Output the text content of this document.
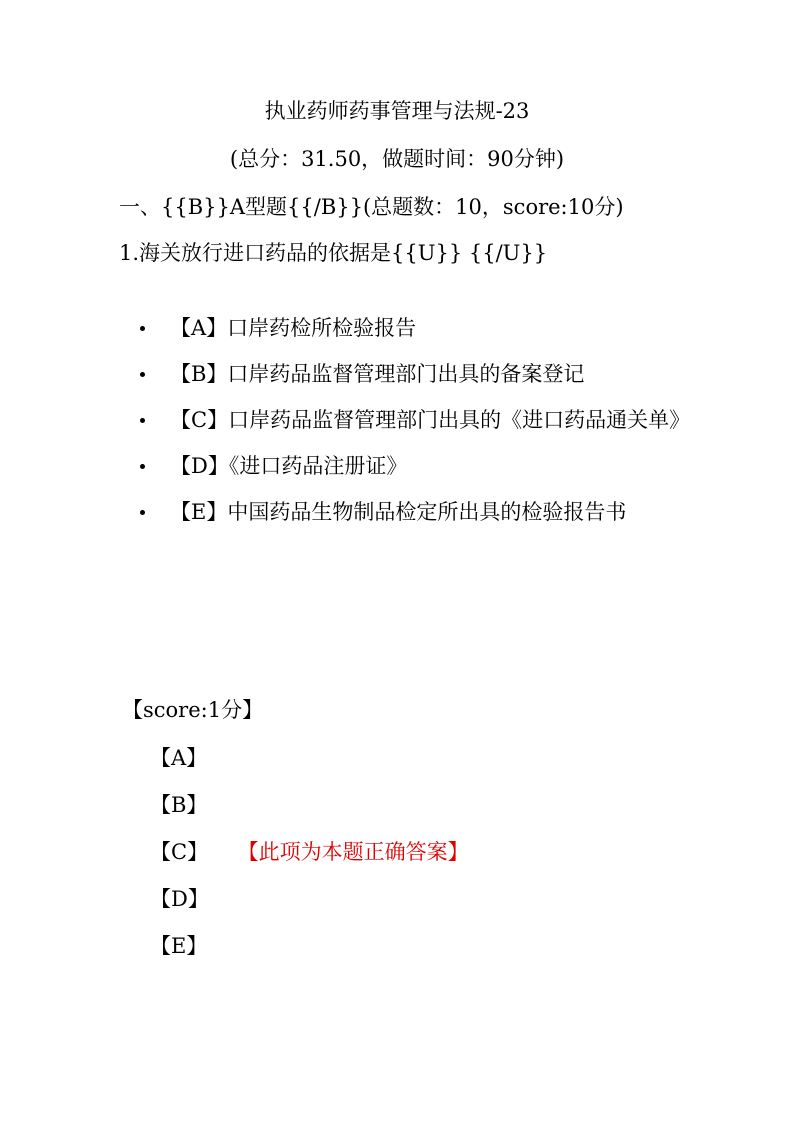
执业药师药事管理与法规-23
(总分：31.50，做题时间：90分钟)
一、{{B}}A型题{{/B}}(总题数：10，score:10分)
1.海关放行进口药品的依据是{{U}} {{/U}}
【A】口岸药检所检验报告
【B】口岸药品监督管理部门出具的备案登记
【C】口岸药品监督管理部门出具的《进口药品通关单》
【D】《进口药品注册证》
【E】中国药品生物制品检定所出具的检验报告书
【score:1分】
【A】
【B】
【C】 【此项为本题正确答案】
【D】
【E】
